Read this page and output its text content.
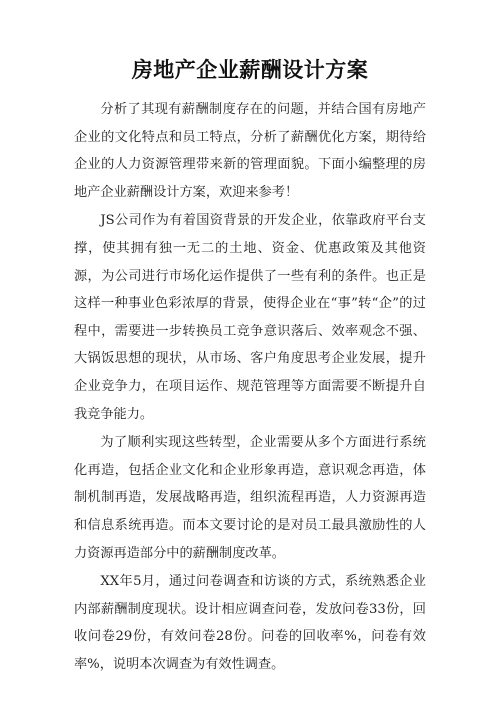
房地产企业薪酬设计方案

分析了其现有薪酬制度存在的问题，并结合国有房地产企业的文化特点和员工特点，分析了薪酬优化方案，期待给企业的人力资源管理带来新的管理面貌。下面小编整理的房地产企业薪酬设计方案，欢迎来参考！

JS公司作为有着国资背景的开发企业，依靠政府平台支撑，使其拥有独一无二的土地、资金、优惠政策及其他资源，为公司进行市场化运作提供了一些有利的条件。也正是这样一种事业色彩浓厚的背景，使得企业在“事”转“企”的过程中，需要进一步转换员工竞争意识落后、效率观念不强、大锅饭思想的现状，从市场、客户角度思考企业发展，提升企业竞争力，在项目运作、规范管理等方面需要不断提升自我竞争能力。

为了顺利实现这些转型，企业需要从多个方面进行系统化再造，包括企业文化和企业形象再造，意识观念再造，体制机制再造，发展战略再造，组织流程再造，人力资源再造和信息系统再造。而本文要讨论的是对员工最具激励性的人力资源再造部分中的薪酬制度改革。

XX年5月，通过问卷调查和访谈的方式，系统熟悉企业内部薪酬制度现状。设计相应调查问卷，发放问卷33份，回收问卷29份，有效问卷28份。问卷的回收率%，问卷有效率%，说明本次调查为有效性调查。
